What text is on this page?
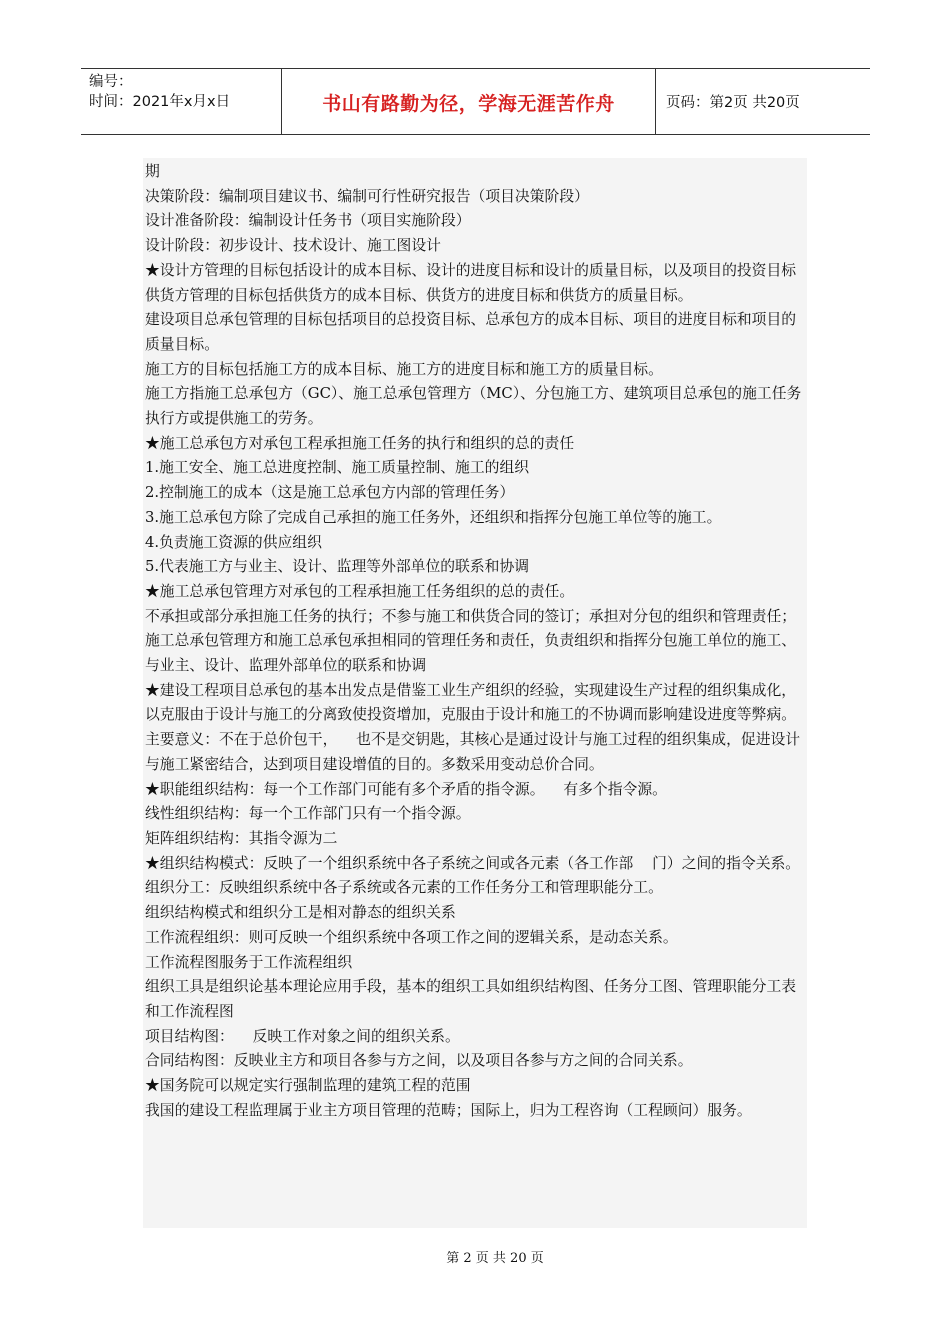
编号：
时间：2021年x月x日	书山有路勤为径，学海无涯苦作舟	页码：第2页 共20页

期

决策阶段：编制项目建议书、编制可行性研究报告（项目决策阶段）

设计准备阶段：编制设计任务书（项目实施阶段）

设计阶段：初步设计、技术设计、施工图设计

★设计方管理的目标包括设计的成本目标、设计的进度目标和设计的质量目标，以及项目的投资目标

供货方管理的目标包括供货方的成本目标、供货方的进度目标和供货方的质量目标。

建设项目总承包管理的目标包括项目的总投资目标、总承包方的成本目标、项目的进度目标和项目的质量目标。

施工方的目标包括施工方的成本目标、施工方的进度目标和施工方的质量目标。

施工方指施工总承包方（GC）、施工总承包管理方（MC）、分包施工方、建筑项目总承包的施工任务执行方或提供施工的劳务。

★施工总承包方对承包工程承担施工任务的执行和组织的总的责任

1.施工安全、施工总进度控制、施工质量控制、施工的组织

2.控制施工的成本（这是施工总承包方内部的管理任务）

3.施工总承包方除了完成自己承担的施工任务外，还组织和指挥分包施工单位等的施工。

4.负责施工资源的供应组织

5.代表施工方与业主、设计、监理等外部单位的联系和协调

★施工总承包管理方对承包的工程承担施工任务组织的总的责任。

不承担或部分承担施工任务的执行；不参与施工和供货合同的签订；承担对分包的组织和管理责任；施工总承包管理方和施工总承包承担相同的管理任务和责任，负责组织和指挥分包施工单位的施工、与业主、设计、监理外部单位的联系和协调

★建设工程项目总承包的基本出发点是借鉴工业生产组织的经验，实现建设生产过程的组织集成化，以克服由于设计与施工的分离致使投资增加，克服由于设计和施工的不协调而影响建设进度等弊病。主要意义：不在于总价包干，    也不是交钥匙，其核心是通过设计与施工过程的组织集成，促进设计与施工紧密结合，达到项目建设增值的目的。多数采用变动总价合同。

★职能组织结构：每一个工作部门可能有多个矛盾的指令源。    有多个指令源。

线性组织结构：每一个工作部门只有一个指令源。

矩阵组织结构：其指令源为二

★组织结构模式：反映了一个组织系统中各子系统之间或各元素（各工作部    门）之间的指令关系。

组织分工：反映组织系统中各子系统或各元素的工作任务分工和管理职能分工。

组织结构模式和组织分工是相对静态的组织关系

工作流程组织：则可反映一个组织系统中各项工作之间的逻辑关系，是动态关系。

工作流程图服务于工作流程组织

组织工具是组织论基本理论应用手段，基本的组织工具如组织结构图、任务分工图、管理职能分工表和工作流程图

项目结构图：    反映工作对象之间的组织关系。

合同结构图：反映业主方和项目各参与方之间，以及项目各参与方之间的合同关系。

★国务院可以规定实行强制监理的建筑工程的范围

我国的建设工程监理属于业主方项目管理的范畴；国际上，归为工程咨询（工程顾问）服务。

第 2 页 共 20 页
